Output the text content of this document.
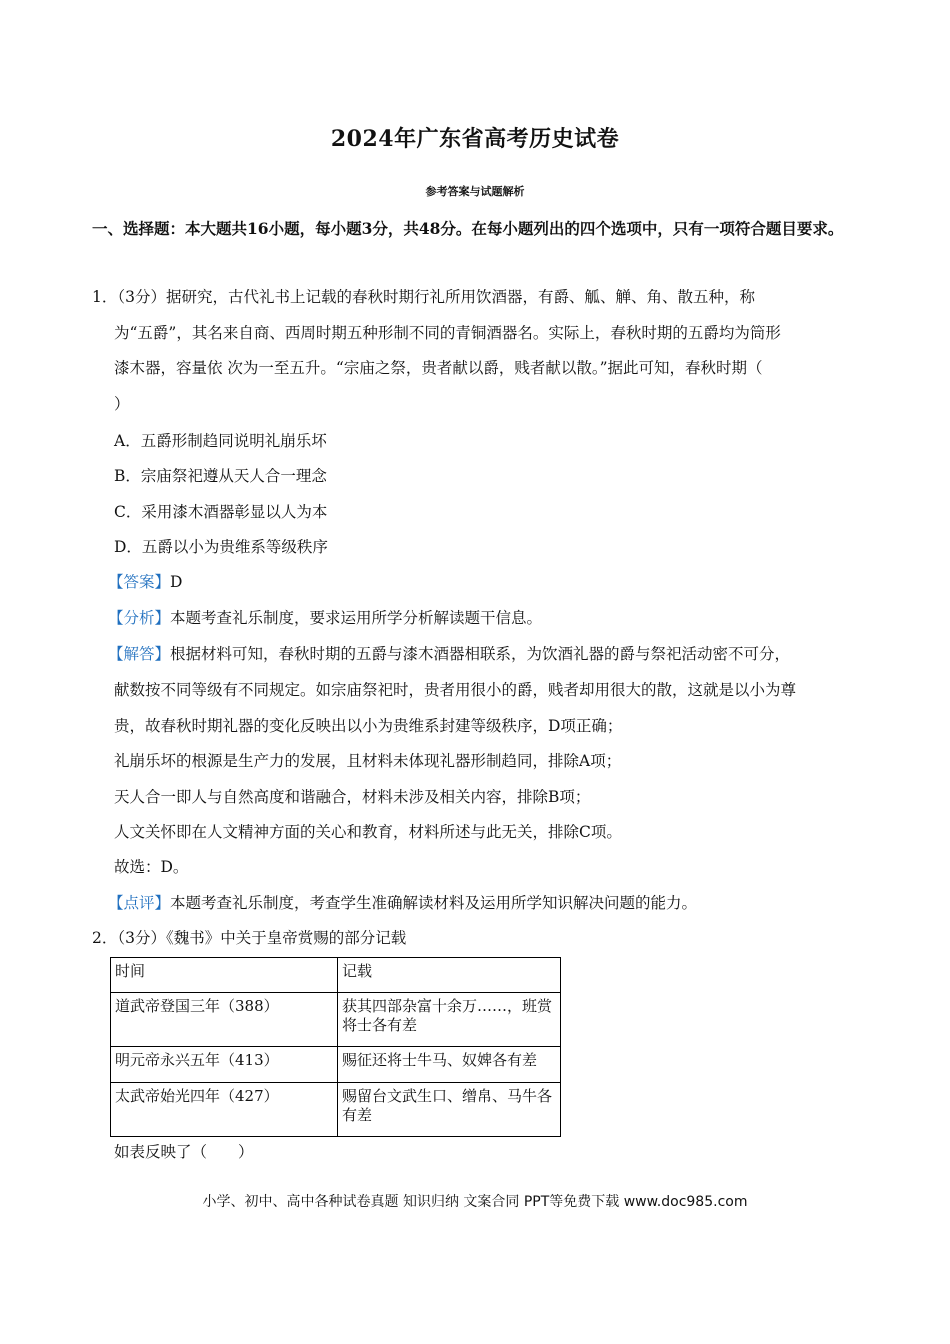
2024年广东省高考历史试卷
参考答案与试题解析
一、选择题：本大题共16小题，每小题3分，共48分。在每小题列出的四个选项中，只有一项符合题目要求。
1．（3分）据研究，古代礼书上记载的春秋时期行礼所用饮酒器，有爵、觚、觯、角、散五种，称
为“五爵”，其名来自商、西周时期五种形制不同的青铜酒器名。实际上，春秋时期的五爵均为筒形
漆木器，容量依 次为一至五升。“宗庙之祭，贵者献以爵，贱者献以散。”据此可知，春秋时期（
）
A．五爵形制趋同说明礼崩乐坏
B．宗庙祭祀遵从天人合一理念
C．采用漆木酒器彰显以人为本
D．五爵以小为贵维系等级秩序
【答案】D
【分析】本题考查礼乐制度，要求运用所学分析解读题干信息。
【解答】根据材料可知，春秋时期的五爵与漆木酒器相联系，为饮酒礼器的爵与祭祀活动密不可分，
献数按不同等级有不同规定。如宗庙祭祀时，贵者用很小的爵，贱者却用很大的散，这就是以小为尊
贵，故春秋时期礼器的变化反映出以小为贵维系封建等级秩序，D项正确；
礼崩乐坏的根源是生产力的发展，且材料未体现礼器形制趋同，排除A项；
天人合一即人与自然高度和谐融合，材料未涉及相关内容，排除B项；
人文关怀即在人文精神方面的关心和教育，材料所述与此无关，排除C项。
故选：D。
【点评】本题考查礼乐制度，考查学生准确解读材料及运用所学知识解决问题的能力。
2．（3分）《魏书》中关于皇帝赏赐的部分记载
时间	记载
道武帝登国三年（388）	获其四部杂富十余万……，班赏将士各有差
明元帝永兴五年（413）	赐征还将士牛马、奴婢各有差
太武帝始光四年（427）	赐留台文武生口、缯帛、马牛各有差
如表反映了（　　）
小学、初中、高中各种试卷真题 知识归纳 文案合同 PPT等免费下载 www.doc985.com
